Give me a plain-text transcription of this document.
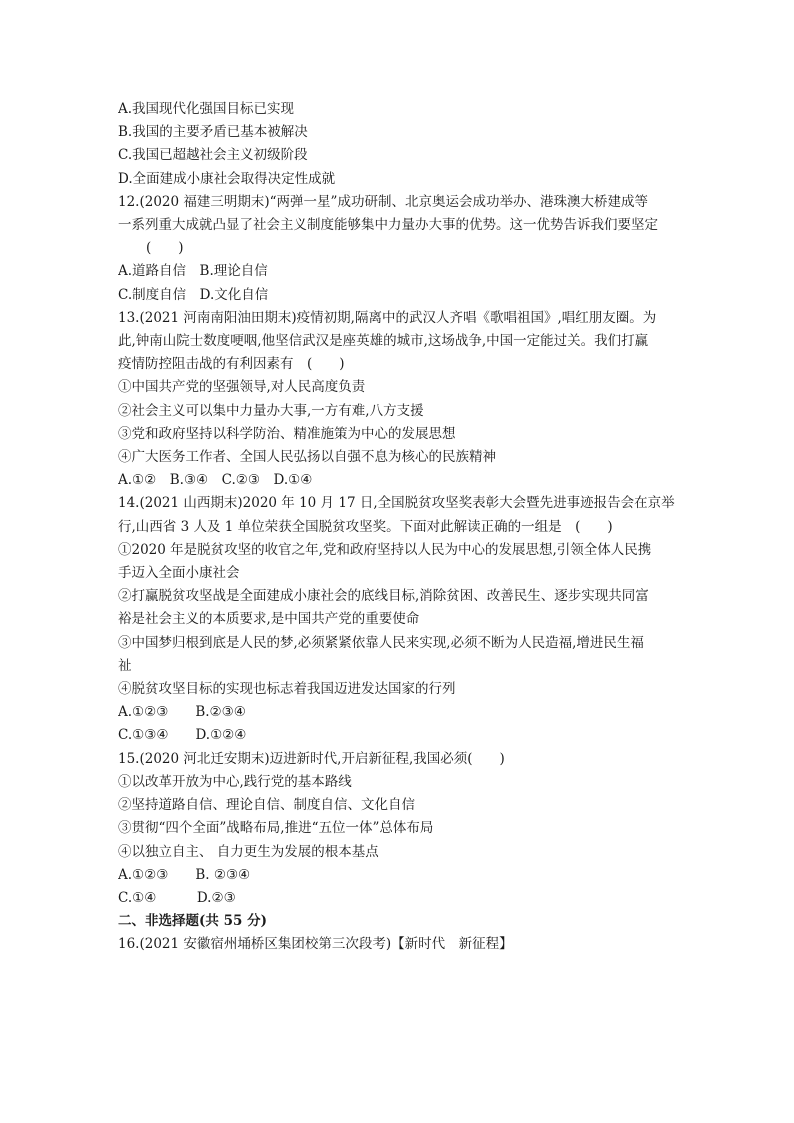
A.我国现代化强国目标已实现
B.我国的主要矛盾已基本被解决
C.我国已超越社会主义初级阶段
D.全面建成小康社会取得决定性成就
12.(2020 福建三明期末)“两弹一星”成功研制、北京奥运会成功举办、港珠澳大桥建成等
一系列重大成就凸显了社会主义制度能够集中力量办大事的优势。这一优势告诉我们要坚定
(　　)
A.道路自信　B.理论自信
C.制度自信　D.文化自信
13.(2021 河南南阳油田期末)疫情初期,隔离中的武汉人齐唱《歌唱祖国》,唱红朋友圈。为
此,钟南山院士数度哽咽,他坚信武汉是座英雄的城市,这场战争,中国一定能过关。我们打赢
疫情防控阻击战的有利因素有　(　　)
①中国共产党的坚强领导,对人民高度负责
②社会主义可以集中力量办大事,一方有难,八方支援
③党和政府坚持以科学防治、精准施策为中心的发展思想
④广大医务工作者、全国人民弘扬以自强不息为核心的民族精神
A.①②　B.③④　C.②③　D.①④
14.(2021 山西期末)2020 年 10 月 17 日,全国脱贫攻坚奖表彰大会暨先进事迹报告会在京举
行,山西省 3 人及 1 单位荣获全国脱贫攻坚奖。下面对此解读正确的一组是　(　　)
①2020 年是脱贫攻坚的收官之年,党和政府坚持以人民为中心的发展思想,引领全体人民携
手迈入全面小康社会
②打赢脱贫攻坚战是全面建成小康社会的底线目标,消除贫困、改善民生、逐步实现共同富
裕是社会主义的本质要求,是中国共产党的重要使命
③中国梦归根到底是人民的梦,必须紧紧依靠人民来实现,必须不断为人民造福,增进民生福
祉
④脱贫攻坚目标的实现也标志着我国迈进发达国家的行列
A.①②③　　B.②③④
C.①③④　　D.①②④
15.(2020 河北迁安期末)迈进新时代,开启新征程,我国必须(　　)
①以改革开放为中心,践行党的基本路线
②坚持道路自信、理论自信、制度自信、文化自信
③贯彻“四个全面”战略布局,推进“五位一体”总体布局
④以独立自主、 自力更生为发展的根本基点
A.①②③　　B. ②③④
C.①④　　　D.②③
二、非选择题(共 55 分)
16.(2021 安徽宿州埇桥区集团校第三次段考)【新时代　新征程】
